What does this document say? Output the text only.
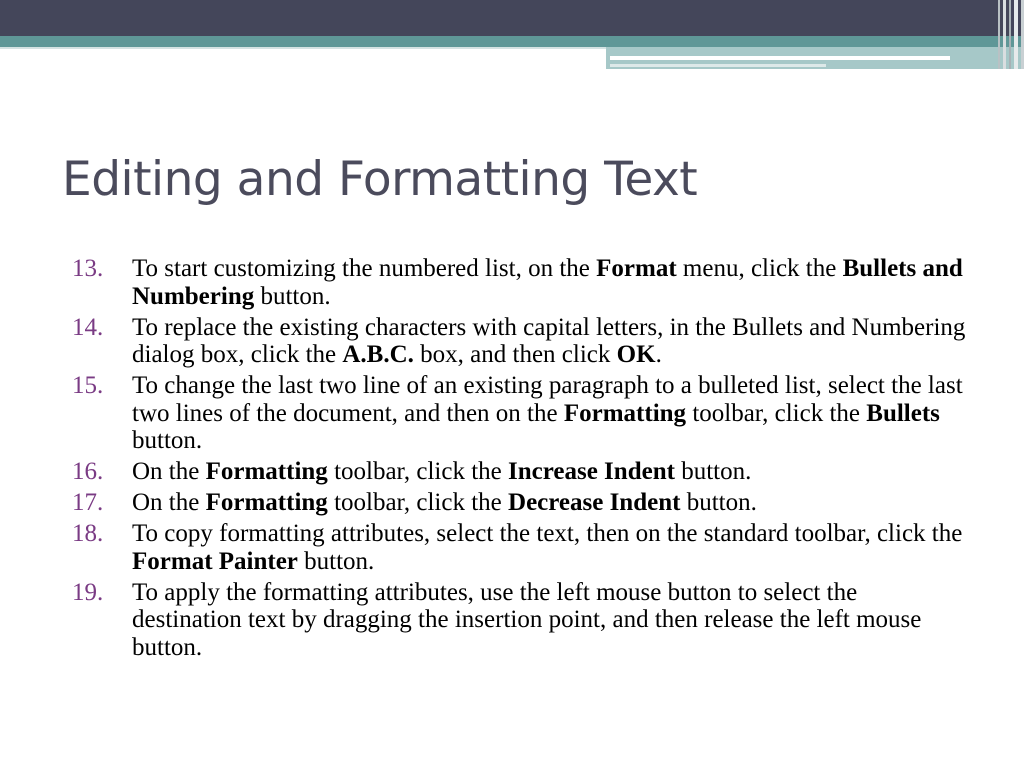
Editing and Formatting Text
13. To start customizing the numbered list, on the Format menu, click the Bullets and Numbering button.
14. To replace the existing characters with capital letters, in the Bullets and Numbering dialog box, click the A.B.C. box, and then click OK.
15. To change the last two line of an existing paragraph to a bulleted list, select the last two lines of the document, and then on the Formatting toolbar, click the Bullets button.
16. On the Formatting toolbar, click the Increase Indent button.
17. On the Formatting toolbar, click the Decrease Indent button.
18. To copy formatting attributes, select the text, then on the standard toolbar, click the Format Painter button.
19. To apply the formatting attributes, use the left mouse button to select the destination text by dragging the insertion point, and then release the left mouse button.
